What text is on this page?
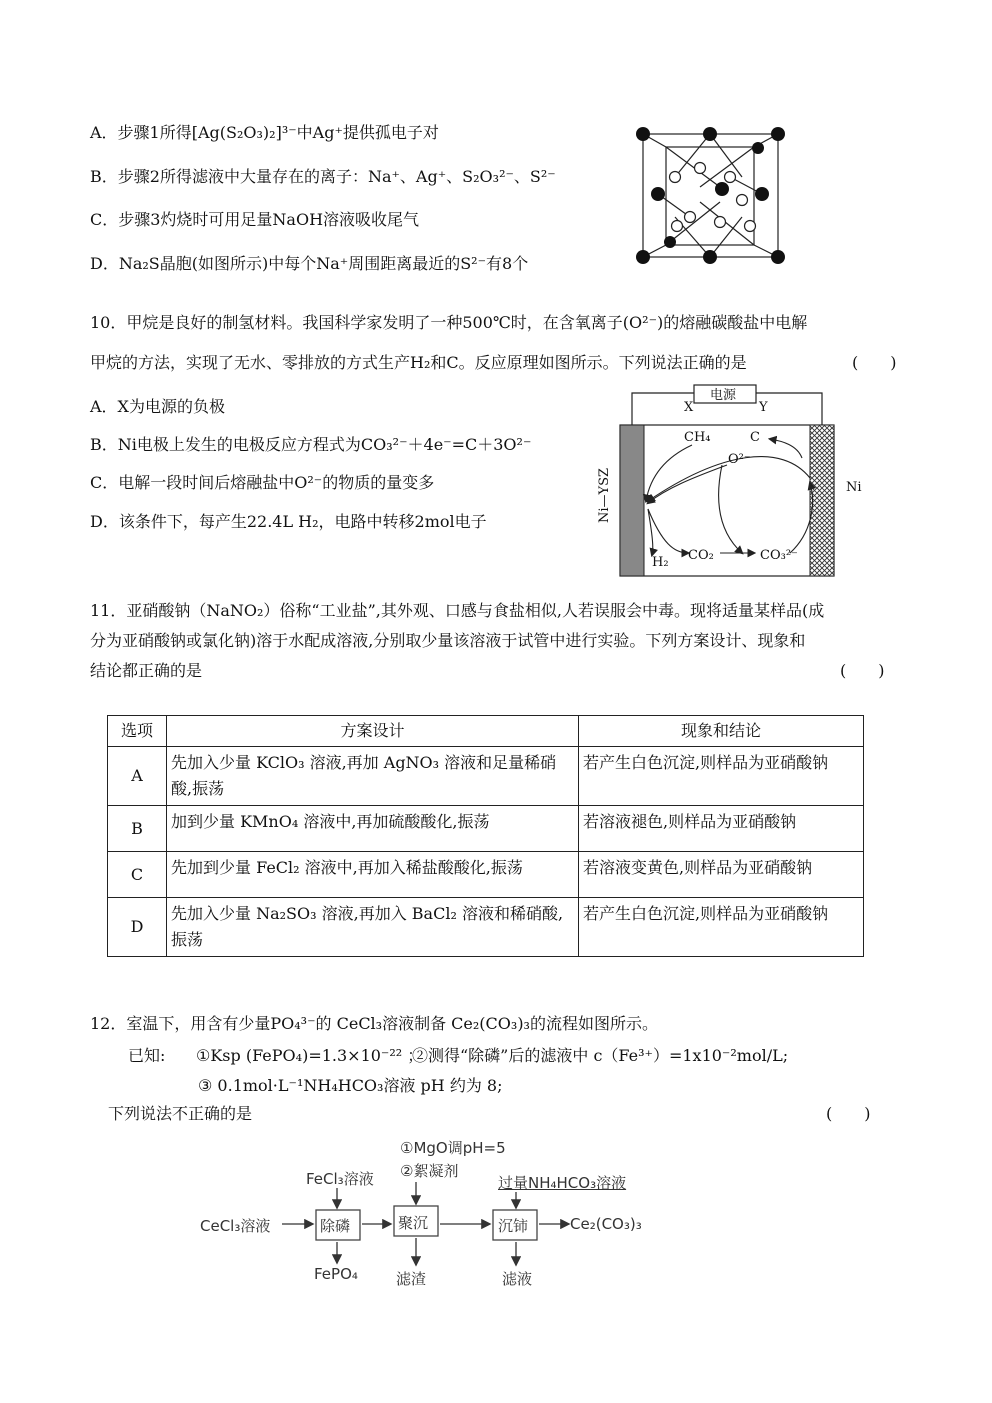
A．步骤1所得[Ag(S₂O₃)₂]³⁻中Ag⁺提供孤电子对
B．步骤2所得滤液中大量存在的离子：Na⁺、Ag⁺、S₂O₃²⁻、S²⁻
C．步骤3灼烧时可用足量NaOH溶液吸收尾气
D．Na₂S晶胞(如图所示)中每个Na⁺周围距离最近的S²⁻有8个
10．甲烷是良好的制氢材料。我国科学家发明了一种500℃时，在含氧离子(O²⁻)的熔融碳酸盐中电解
甲烷的方法，实现了无水、零排放的方式生产H₂和C。反应原理如图所示。下列说法正确的是	(　　)
A．X为电源的负极
B．Ni电极上发生的电极反应方程式为CO₃²⁻＋4e⁻=C＋3O²⁻
C．电解一段时间后熔融盐中O²⁻的物质的量变多
D．该条件下，每产生22.4L H₂，电路中转移2mol电子
电源
X	Y
CH₄	C
O²⁻
Ni
H₂ CO₂	CO₃²⁻
Ni—YSZ
11．亚硝酸钠（NaNO₂）俗称“工业盐”,其外观、口感与食盐相似,人若误服会中毒。现将适量某样品(成
分为亚硝酸钠或氯化钠)溶于水配成溶液,分别取少量该溶液于试管中进行实验。下列方案设计、现象和
结论都正确的是	(　　)
选项	方案设计	现象和结论
A	先加入少量 KClO₃ 溶液,再加 AgNO₃ 溶液和足量稀硝酸,振荡	若产生白色沉淀,则样品为亚硝酸钠
B	加到少量 KMnO₄ 溶液中,再加硫酸酸化,振荡	若溶液褪色,则样品为亚硝酸钠
C	先加到少量 FeCl₂ 溶液中,再加入稀盐酸酸化,振荡	若溶液变黄色,则样品为亚硝酸钠
D	先加入少量 Na₂SO₃ 溶液,再加入 BaCl₂ 溶液和稀硝酸,振荡	若产生白色沉淀,则样品为亚硝酸钠
12．室温下，用含有少量PO₄³⁻的 CeCl₃溶液制备 Ce₂(CO₃)₃的流程如图所示。
已知: ①Ksp (FePO₄)=1.3×10⁻²² ；
②测得“除磷”后的滤液中 c（Fe³⁺）=1x10⁻²mol/L;
③ 0.1mol·L⁻¹NH₄HCO₃溶液 pH 约为 8;
下列说法不正确的是	(　　)
①MgO调pH=5
②絮凝剂
FeCl₃溶液	过量NH₄HCO₃溶液
CeCl₃溶液	除磷	聚沉	沉铈	Ce₂(CO₃)₃
FePO₄	滤渣	滤液
